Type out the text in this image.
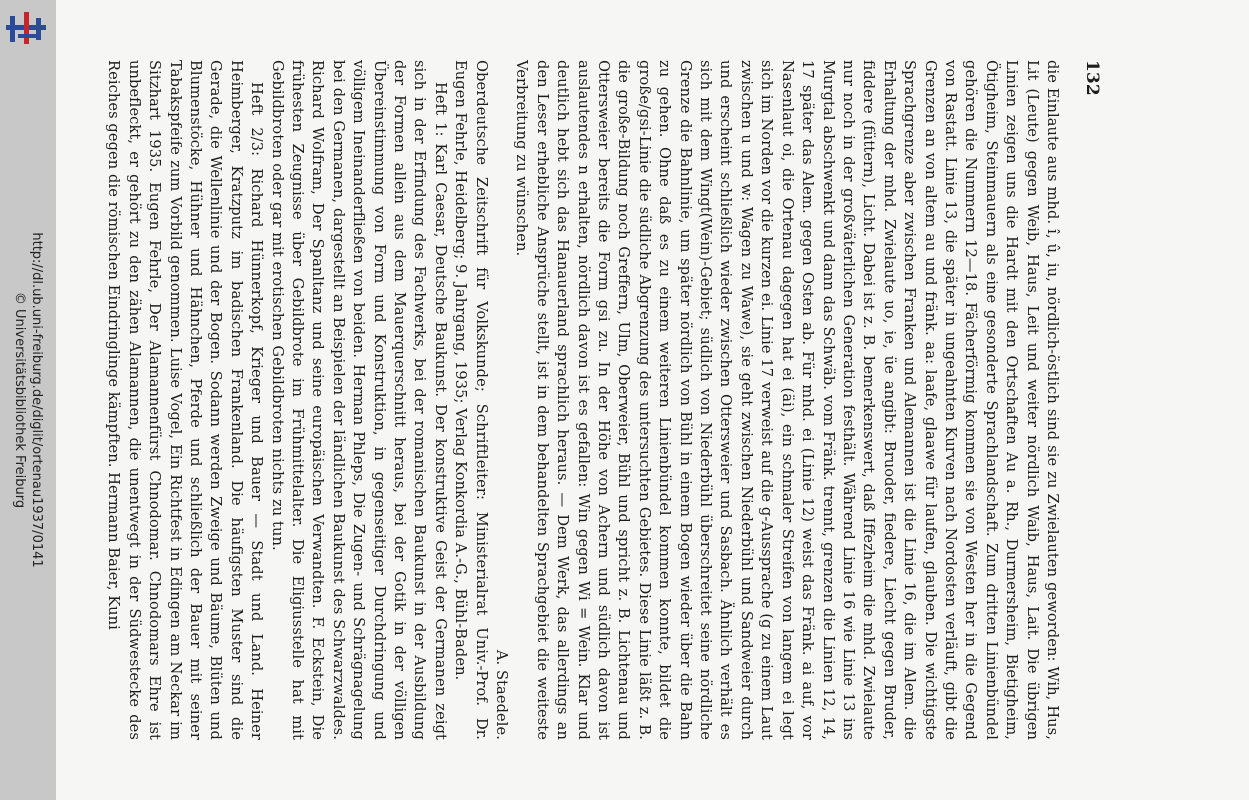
http://dl.ub.uni-freiburg.de/diglit/ortenau1937/0141
© Universitätsbibliothek Freiburg
132

die Einlaute aus mhd. î, û, iu, nördlich-östlich sind sie zu Zwielauten geworden: Wih, Hus, Lit (Leute) gegen Weib, Haus, Leit und weiter nördlich Waib, Haus, Lait. Die übrigen Linien zeigen uns die Hardt mit den Ortschaften Au a. Rh., Durmersheim, Bietigheim, Ötigheim, Steinmauern als eine gesonderte Sprachlandschaft. Zum dritten Linienbündel gehören die Nummern 12—18. Fächerförmig kommen sie von Westen her in die Gegend von Rastatt. Linie 13, die später in ungeahnten Kurven nach Nordosten verläuft, gibt die Grenzen an von altem au und fränk. aa: laafe, glaawe für laufen, glauben. Die wichtigste Sprachgrenze aber zwischen Franken und Alemannen ist die Linie 16, die im Alem. die Erhaltung der mhd. Zwielaute uo, ie, üe angibt: Bruoder, fiedere, Liecht gegen Bruder, fiddere (füttern), Licht. Dabei ist z. B. bemerkenswert, daß Iffezheim die mhd. Zwielaute nur noch in der großväterlichen Generation festhält. Während Linie 16 wie Linie 13 ins Murgtal abschwenkt und dann das Schwäb. vom Fränk. trennt, grenzen die Linien 12, 14, 17 später das Alem. gegen Osten ab. Für mhd. ei (Linie 12) weist das Fränk. ai auf, vor Nasenlaut oi, die Ortenau dagegen hat ei (äi), ein schmaler Streifen von langem ei legt sich im Norden vor die kurzen ei. Linie 17 verweist auf die g-Aussprache (g zu einem Laut zwischen u und w: Wagen zu Wawe), sie geht zwischen Niederbühl und Sandweier durch und erscheint schließlich wieder zwischen Ottersweier und Sasbach. Ähnlich verhält es sich mit dem Wingt(Wein)-Gebiet; südlich von Niederbühl überschreitet seine nördliche Grenze die Bahnlinie, um später nördlich von Bühl in einem Bogen wieder über die Bahn zu gehen. Ohne daß es zu einem weiteren Linienbündel kommen konnte, bildet die große/gsi-Linie die südliche Abgrenzung des untersuchten Gebietes. Diese Linie läßt z. B. die große-Bildung noch Greffern, Ulm, Oberweier, Bühl und spricht z. B. Lichtenau und Ottersweier bereits die Form gsi zu. In der Höhe von Achern und südlich davon ist auslautendes n erhalten, nördlich davon ist es gefallen: Win gegen Wi = Wein. Klar und deutlich hebt sich das Hanauerland sprachlich heraus. — Dem Werk, das allerdings an den Leser erhebliche Ansprüche stellt, ist in dem behandelten Sprachgebiet die weiteste Verbreitung zu wünschen.

A. Staedele.

Oberdeutsche Zeitschrift für Volkskunde; Schriftleiter: Ministerialrat Univ.-Prof. Dr. Eugen Fehrle, Heidelberg; 9. Jahrgang, 1935; Verlag Konkordia A.-G., Bühl-Baden.

Heft 1: Karl Caesar, Deutsche Baukunst. Der konstruktive Geist der Germanen zeigt sich in der Erfindung des Fachwerks, bei der romanischen Baukunst in der Ausbildung der Formen allein aus dem Mauerquerschnitt heraus, bei der Gotik in der völligen Übereinstimmung von Form und Konstruktion, in gegenseitiger Durchdringung und völligem Ineinanderfließen von beiden. Herman Phleps, Die Zugen- und Schrägnagelung bei den Germanen, dargestellt an Beispielen der ländlichen Baukunst des Schwarzwaldes. Richard Wolfram, Der Spanltanz und seine europäischen Verwandten. F. Eckstein, Die frühesten Zeugnisse über Gebildbrote im Frühmittelalter. Die Eligiusstelle hat mit Gebildbroten oder gar mit erotischen Gebildbroten nichts zu tun.

Heft 2/3: Richard Hünnerkopf, Krieger und Bauer — Stadt und Land. Heiner Heimberger, Kratzputz im badischen Frankenland. Die häufigsten Muster sind die Gerade, die Wellenlinie und der Bogen. Sodann werden Zweige und Bäume, Blüten und Blumenstöcke, Hühner und Hähnchen, Pferde und schließlich der Bauer mit seiner Tabakspfeife zum Vorbild genommen. Luise Vogel, Ein Richtfest in Edingen am Neckar im Sitzhart 1935. Eugen Fehrle, Der Alamannenfürst Chnodomar. Chnodomars Ehre ist unbefleckt, er gehört zu den zähen Alamannen, die unentwegt in der Südwestecke des Reiches gegen die römischen Eindringlinge kämpften. Hermann Baier, Kuni
